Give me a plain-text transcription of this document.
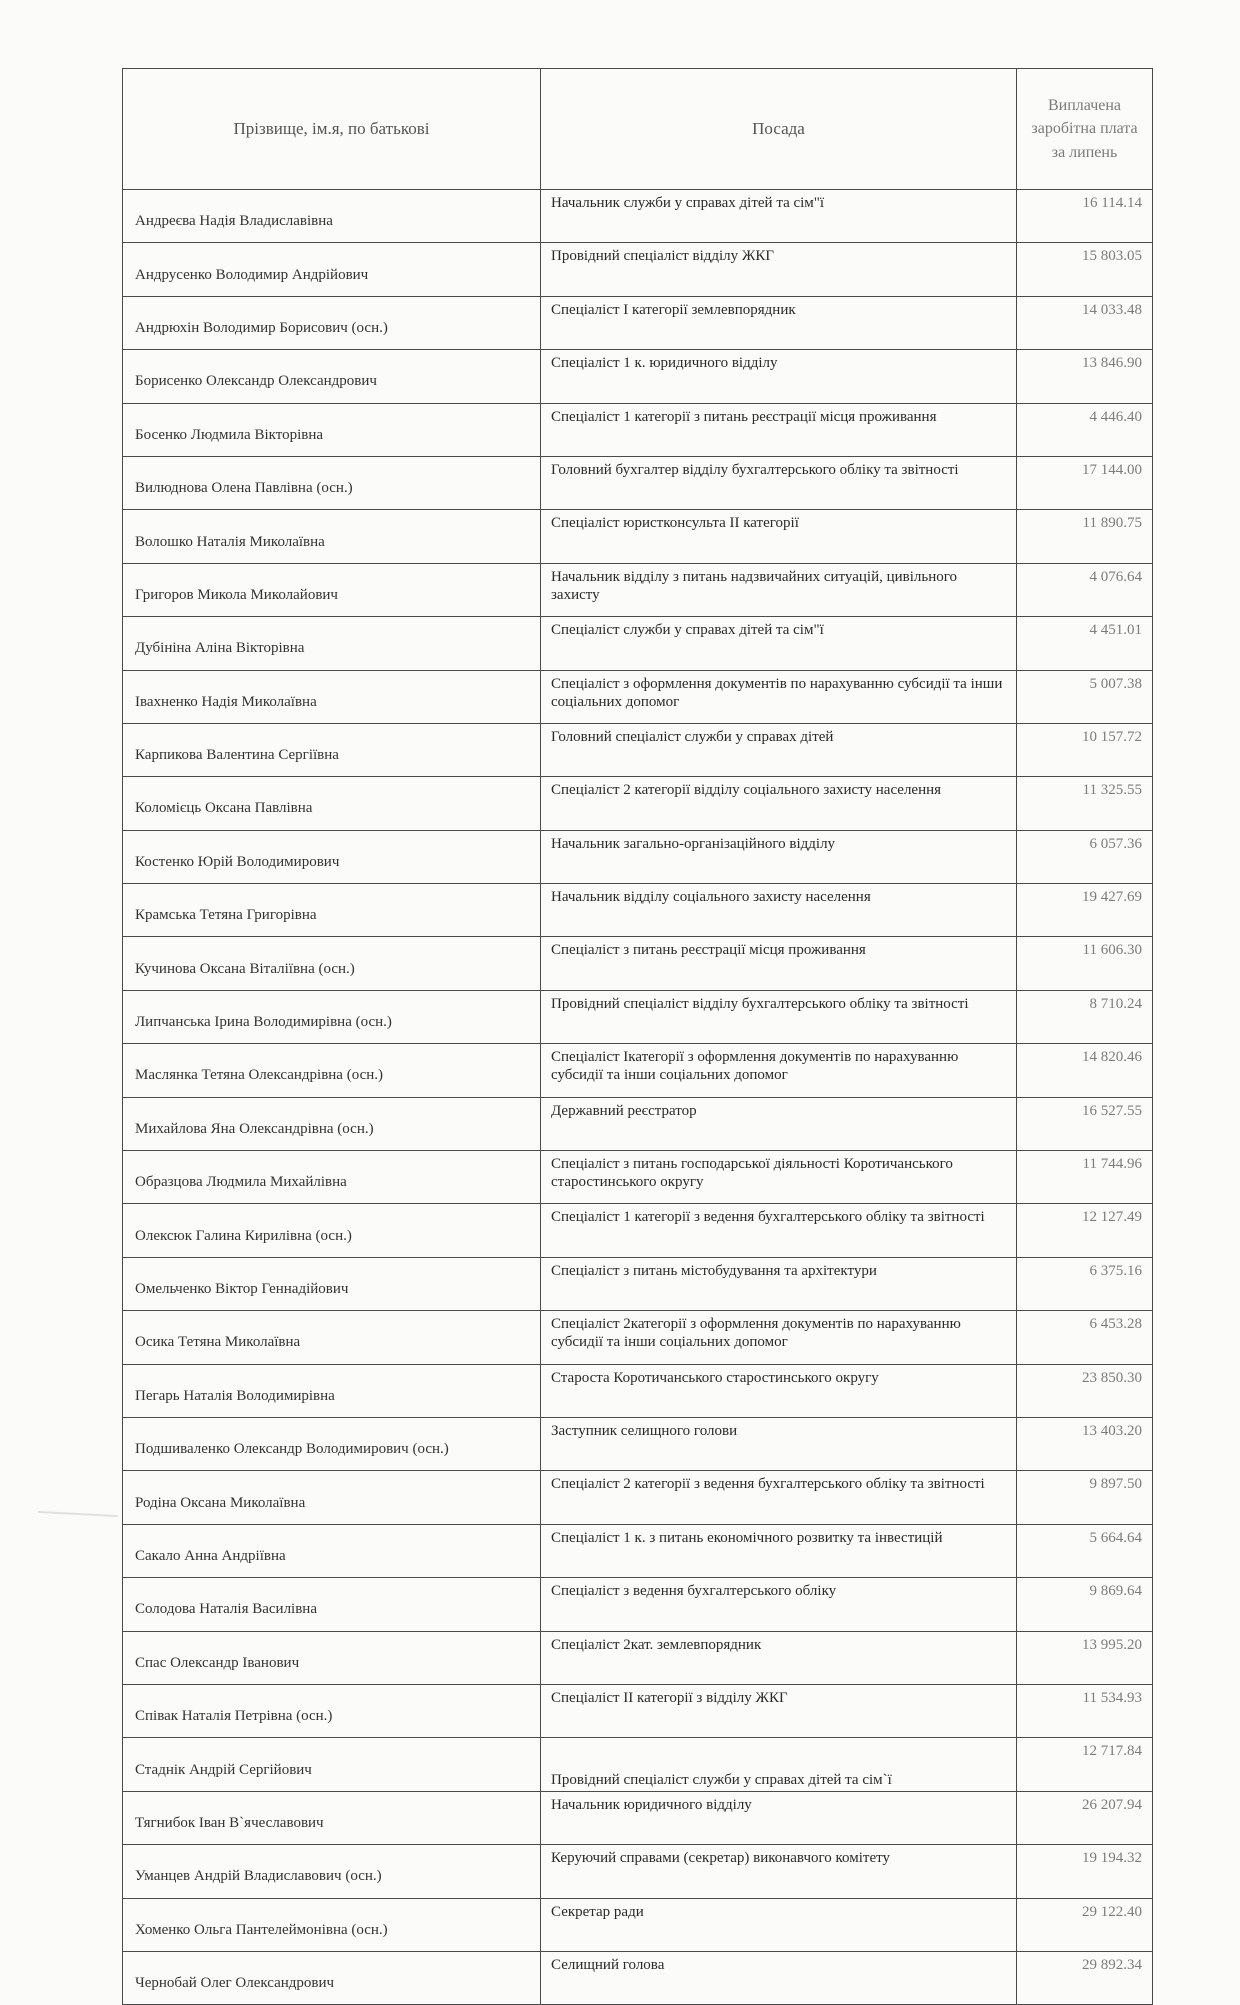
Прізвище, ім.я, по батькові	Посада	Виплачена заробітна плата за липень
Андреєва Надія Владиславівна	Начальник служби у справах дітей та сім"ї	16 114.14
Андрусенко Володимир Андрійович	Провідний спеціаліст відділу ЖКГ	15 803.05
Андрюхін Володимир Борисович (осн.)	Спеціаліст І категорії землевпорядник	14 033.48
Борисенко Олександр Олександрович	Спеціаліст 1 к. юридичного відділу	13 846.90
Босенко Людмила Вікторівна	Спеціаліст 1 категорії з питань реєстрації місця проживання	4 446.40
Вилюднова Олена Павлівна (осн.)	Головний бухгалтер відділу бухгалтерського обліку та звітності	17 144.00
Волошко Наталія Миколаївна	Спеціаліст юристконсульта ІІ категорії	11 890.75
Григоров Микола Миколайович	Начальник відділу з питань надзвичайних ситуацій, цивільного захисту	4 076.64
Дубініна Аліна Вікторівна	Спеціаліст служби у справах дітей та сім"ї	4 451.01
Івахненко Надія Миколаївна	Спеціаліст з оформлення документів по нарахуванню субсидії та інши соціальних допомог	5 007.38
Карпикова Валентина Сергіївна	Головний спеціаліст служби у справах дітей	10 157.72
Коломієць Оксана Павлівна	Спеціаліст 2 категорії відділу соціального захисту населення	11 325.55
Костенко Юрій Володимирович	Начальник загально-організаційного відділу	6 057.36
Крамська Тетяна Григорівна	Начальник відділу соціального захисту населення	19 427.69
Кучинова Оксана Віталіївна (осн.)	Спеціаліст з питань реєстрації місця проживання	11 606.30
Липчанська Ірина Володимирівна (осн.)	Провідний спеціаліст відділу бухгалтерського обліку та звітності	8 710.24
Маслянка Тетяна Олександрівна (осн.)	Спеціаліст Ікатегорії з оформлення документів по нарахуванню субсидії та інши соціальних допомог	14 820.46
Михайлова Яна Олександрівна (осн.)	Державний реєстратор	16 527.55
Образцова Людмила Михайлівна	Спеціаліст з питань господарської діяльності Коротичанського старостинського округу	11 744.96
Олексюк Галина Кирилівна (осн.)	Спеціаліст 1 категорії з ведення бухгалтерського обліку та звітності	12 127.49
Омельченко Віктор Геннадійович	Спеціаліст з питань містобудування та архітектури	6 375.16
Осика Тетяна Миколаївна	Спеціаліст 2категорії з оформлення документів по нарахуванню субсидії та інши соціальних допомог	6 453.28
Пегарь Наталія Володимирівна	Староста Коротичанського старостинського округу	23 850.30
Подшиваленко Олександр Володимирович (осн.)	Заступник селищного голови	13 403.20
Родіна Оксана Миколаївна	Спеціаліст 2 категорії з ведення бухгалтерського обліку та звітності	9 897.50
Сакало Анна Андріївна	Спеціаліст 1 к. з питань економічного розвитку та інвестицій	5 664.64
Солодова Наталія Василівна	Спеціаліст з ведення бухгалтерського обліку	9 869.64
Спас Олександр Іванович	Спеціаліст 2кат. землевпорядник	13 995.20
Співак Наталія Петрівна (осн.)	Спеціаліст ІІ категорії з відділу ЖКГ	11 534.93
Стаднік Андрій Сергійович	Провідний спеціаліст служби у справах дітей та сім`ї	12 717.84
Тягнибок Іван В`ячеславович	Начальник юридичного відділу	26 207.94
Уманцев Андрій Владиславович (осн.)	Керуючий справами (секретар) виконавчого комітету	19 194.32
Хоменко Ольга Пантелеймонівна (осн.)	Секретар ради	29 122.40
Чернобай Олег Олександрович	Селищний голова	29 892.34
